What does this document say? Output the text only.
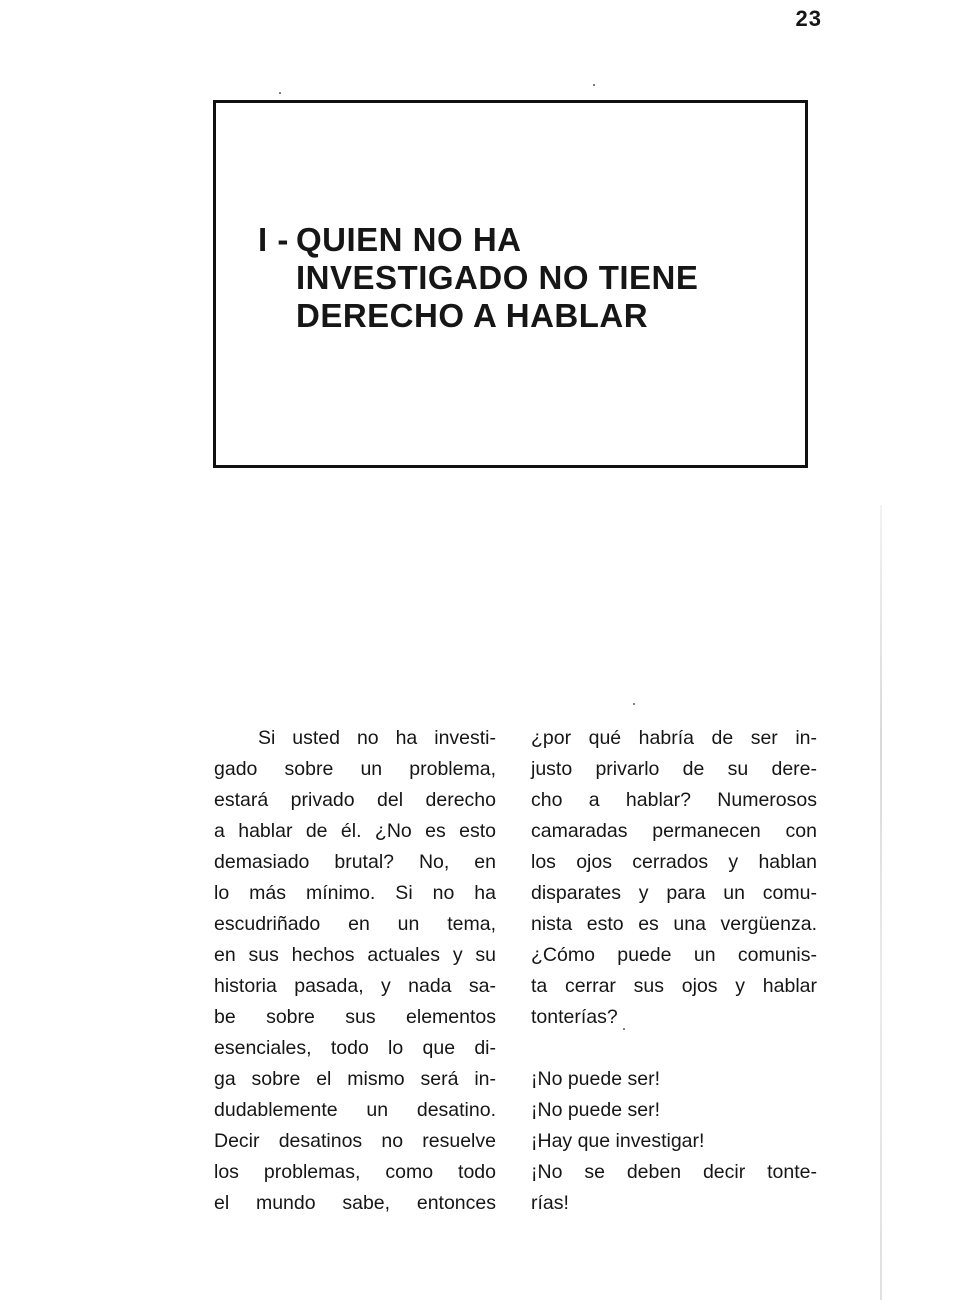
23
I - QUIEN NO HA
INVESTIGADO NO TIENE
DERECHO A HABLAR
Si usted no ha investi-
gado sobre un problema,
estará privado del derecho
a hablar de él. ¿No es esto
demasiado brutal? No, en
lo más mínimo. Si no ha
escudriñado en un tema,
en sus hechos actuales y su
historia pasada, y nada sa-
be sobre sus elementos
esenciales, todo lo que di-
ga sobre el mismo será in-
dudablemente un desatino.
Decir desatinos no resuelve
los problemas, como todo
el mundo sabe, entonces
¿por qué habría de ser in-
justo privarlo de su dere-
cho a hablar? Numerosos
camaradas permanecen con
los ojos cerrados y hablan
disparates y para un comu-
nista esto es una vergüenza.
¿Cómo puede un comunis-
ta cerrar sus ojos y hablar
tonterías?
¡No puede ser!
¡No puede ser!
¡Hay que investigar!
¡No se deben decir tonte-
rías!
